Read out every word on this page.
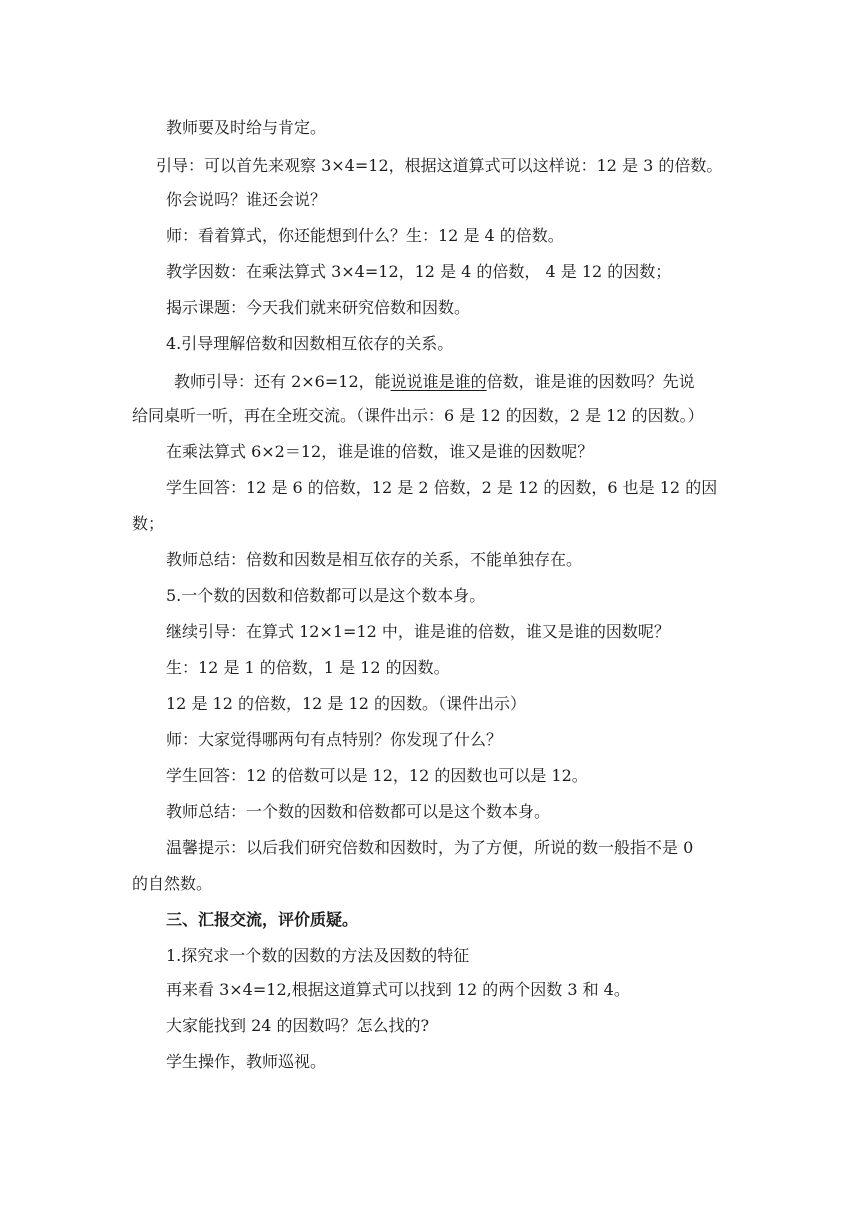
教师要及时给与肯定。
引导：可以首先来观察 3×4=12，根据这道算式可以这样说：12 是 3 的倍数。
你会说吗？谁还会说？
师：看着算式，你还能想到什么？生：12 是 4 的倍数。
教学因数：在乘法算式 3×4=12，12 是 4 的倍数， 4 是 12 的因数；
揭示课题：今天我们就来研究倍数和因数。
4.引导理解倍数和因数相互依存的关系。
教师引导：还有 2×6=12，能说说谁是谁的倍数，谁是谁的因数吗？先说
给同桌听一听，再在全班交流。（课件出示：6 是 12 的因数，2 是 12 的因数。）
在乘法算式 6×2＝12，谁是谁的倍数，谁又是谁的因数呢？
学生回答：12 是 6 的倍数，12 是 2 倍数，2 是 12 的因数，6 也是 12 的因
数；
教师总结：倍数和因数是相互依存的关系，不能单独存在。
5.一个数的因数和倍数都可以是这个数本身。
继续引导：在算式 12×1=12 中，谁是谁的倍数，谁又是谁的因数呢？
生：12 是 1 的倍数，1 是 12 的因数。
12 是 12 的倍数，12 是 12 的因数。（课件出示）
师：大家觉得哪两句有点特别？你发现了什么？
学生回答：12 的倍数可以是 12，12 的因数也可以是 12。
教师总结：一个数的因数和倍数都可以是这个数本身。
温馨提示：以后我们研究倍数和因数时，为了方便，所说的数一般指不是 0
的自然数。
三、汇报交流，评价质疑。
1.探究求一个数的因数的方法及因数的特征
再来看 3×4=12,根据这道算式可以找到 12 的两个因数 3 和 4。
大家能找到 24 的因数吗？怎么找的?
学生操作，教师巡视。
